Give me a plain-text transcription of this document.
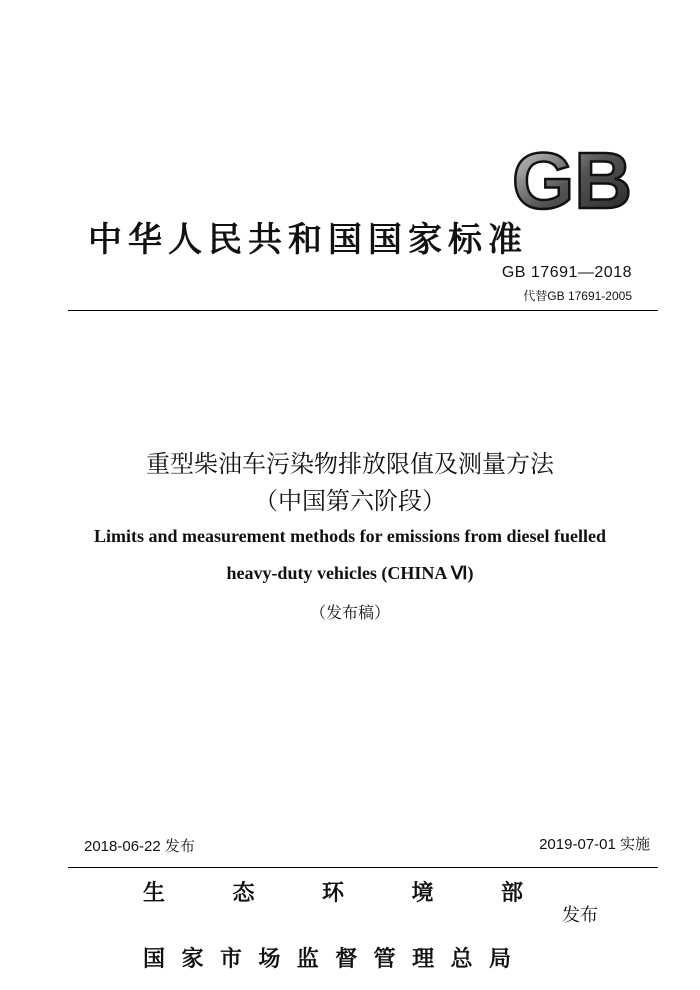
GB
中华人民共和国国家标准
GB 17691—2018
代替GB 17691-2005
重型柴油车污染物排放限值及测量方法
（中国第六阶段）
Limits and measurement methods for emissions from diesel fuelled
heavy-duty vehicles (CHINA Ⅵ)
（发布稿）
2018-06-22 发布	2019-07-01 实施
生态环境部
发布
国家市场监督管理总局
